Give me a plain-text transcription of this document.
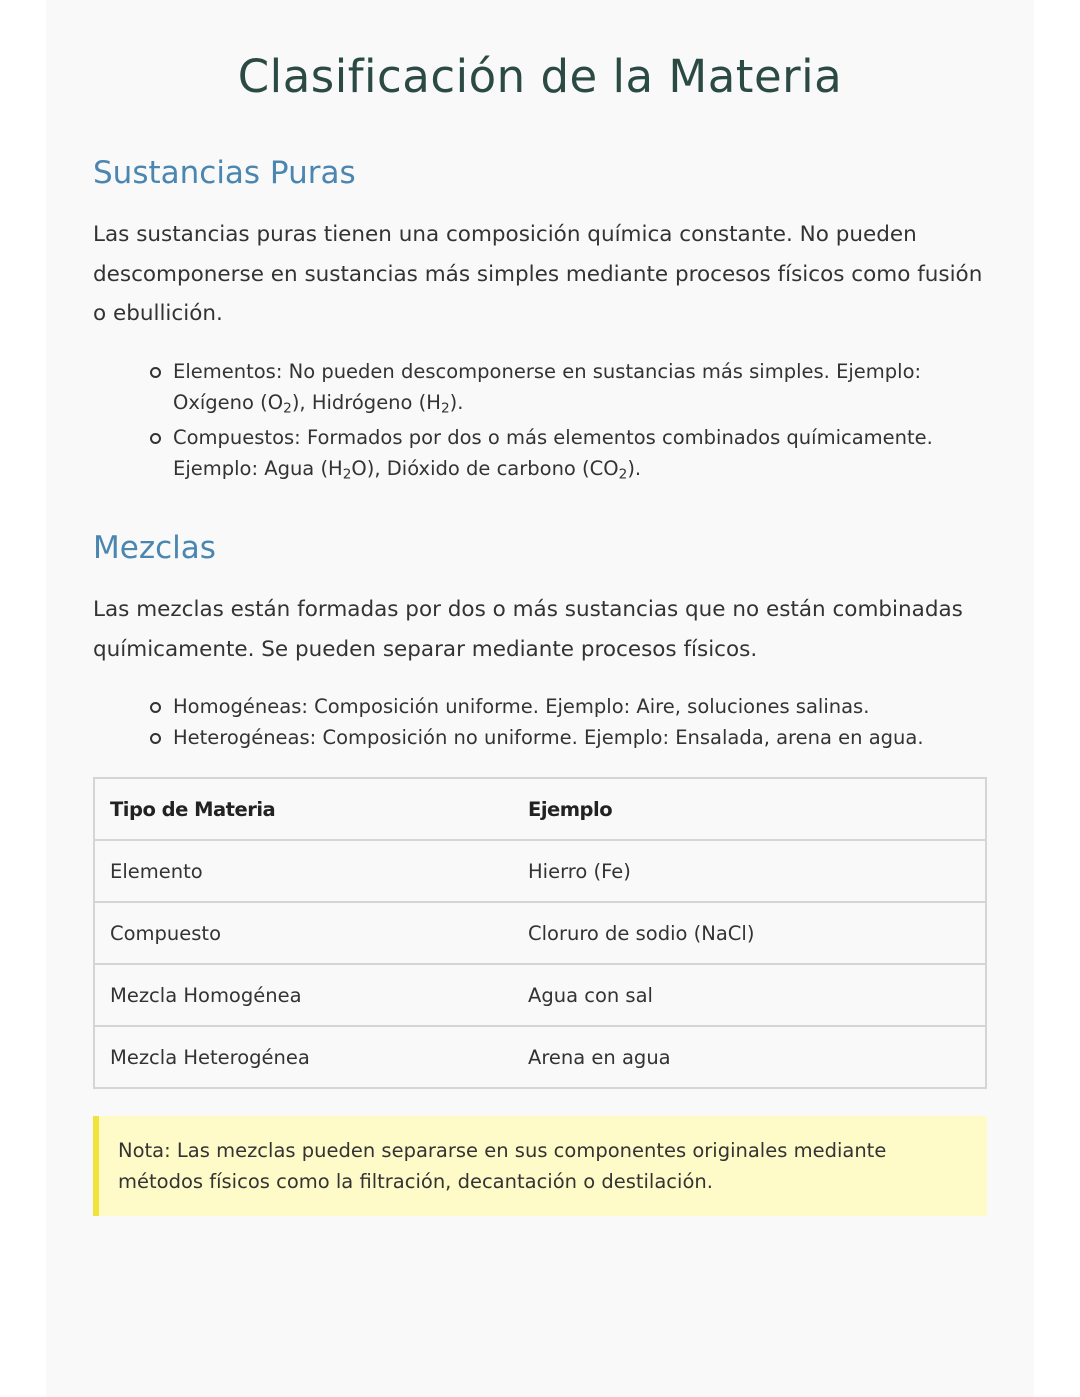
Clasificación de la Materia
Sustancias Puras
Las sustancias puras tienen una composición química constante. No pueden descomponerse en sustancias más simples mediante procesos físicos como fusión o ebullición.
Elementos: No pueden descomponerse en sustancias más simples. Ejemplo:
Oxígeno $(O_2)$, Hidrógeno $(H_2)$.
Compuestos: Formados por dos o más elementos combinados químicamente.
Ejemplo: Agua $(H_2O)$, Dióxido de carbono $(CO_2)$.
Mezclas
Las mezclas están formadas por dos o más sustancias que no están combinadas químicamente. Se pueden separar mediante procesos físicos.
Homogéneas: Composición uniforme. Ejemplo: Aire, soluciones salinas.
Heterogéneas: Composición no uniforme. Ejemplo: Ensalada, arena en agua.
Tipo de Materia	Ejemplo
Elemento	Hierro (Fe)
Compuesto	Cloruro de sodio (NaCl)
Mezcla Homogénea	Agua con sal
Mezcla Heterogénea	Arena en agua
Nota: Las mezclas pueden separarse en sus componentes originales mediante métodos físicos como la filtración, decantación o destilación.
